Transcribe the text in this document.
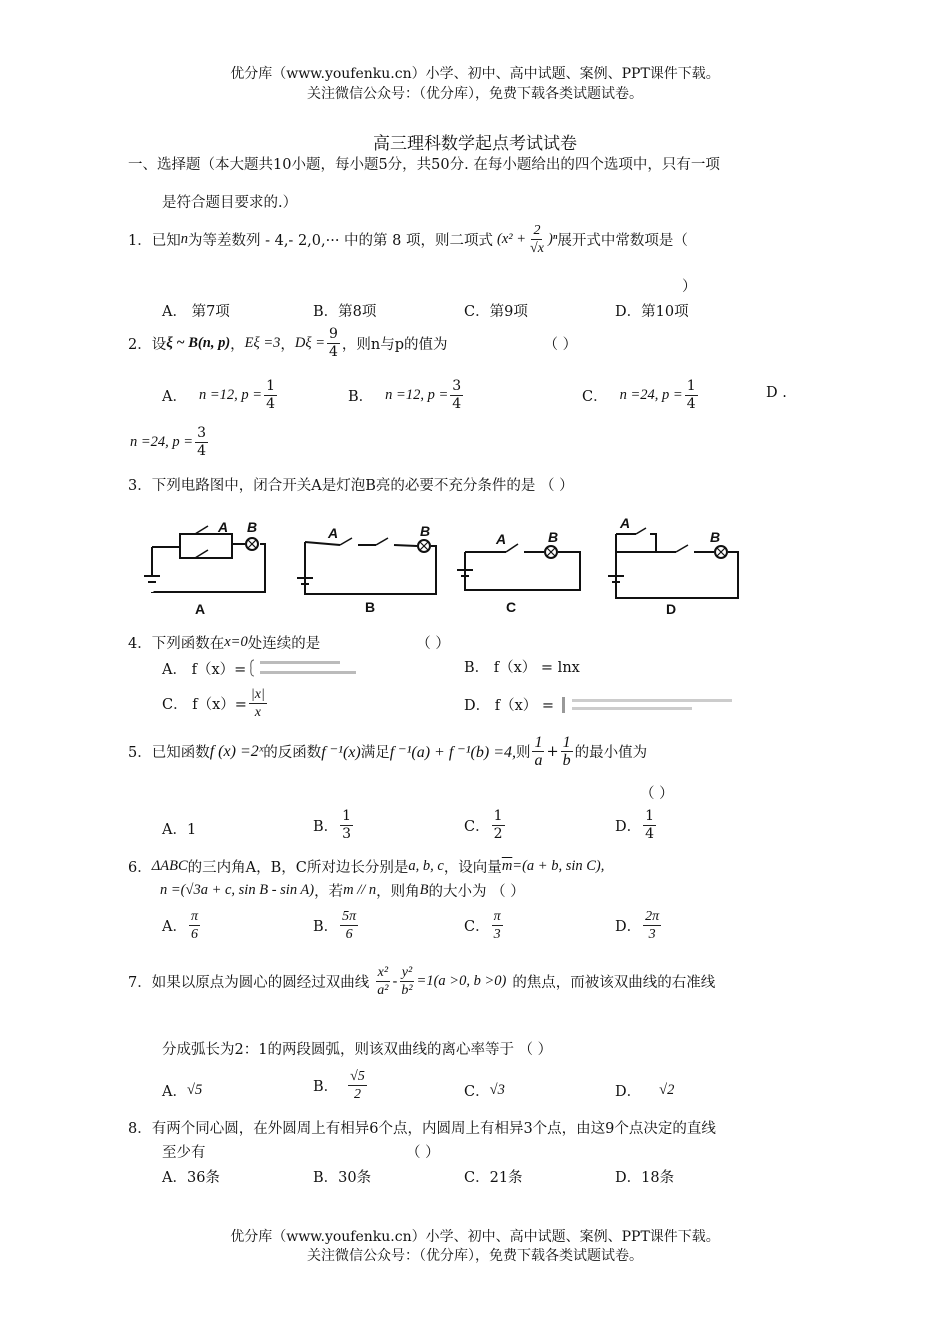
优分库（www.youfenku.cn）小学、初中、高中试题、案例、PPT课件下载。
关注微信公众号：（优分库），免费下载各类试题试卷。
高三理科数学起点考试试卷
一、选择题（本大题共10小题，每小题5分，共50分. 在每小题给出的四个选项中，只有一项
是符合题目要求的.）
1．已知 n 为等差数列 - 4,- 2,0,··· 中的第 8 项，则二项式 $(x^2 + \frac{2}{√x} )^n$ 展开式中常数项是（
）
A． 第7项	B．第8项	C．第9项	D．第10项
2．设 ξ ~ B(n, p) ， Eξ =3 ， $D\xi = \frac{9}{4}$ ，则n与p的值为	（ ）
A． n =12, $p = \frac{1}{4}$	B． n =12, $p = \frac{3}{4}$	C． n =24, $p = \frac{1}{4}$	D .
n =24, $p = \frac{3}{4}$
3．下列电路图中，闭合开关A是灯泡B亮的必要不充分条件的是 （ ）
A B	A	B	A	B
A
B
A	B	C	D
4．下列函数在 x=0 处连续的是	（ ）
A． f（x）=	B． f（x） = lnx
C． $f(x)= \frac{|x|}{x}$	D． f（x） =
5．已知函数 f (x) =2ˣ 的反函数 f ⁻¹(x) 满足 f ⁻¹(a) + f ⁻¹(b) =4, 则 $\frac{1}{a} + \frac{1}{b}$ 的最小值为
（ ）
A．1	B． $\frac{1}{3}$	C． $\frac{1}{2}$	D． $\frac{1}{4}$
6． ΔABC 的三内角A，B，C所对边长分别是 a, b, c ，设向量 $\overline{m} =(a + b$, sin C),
n =(√3a + c, sin B - sin A) ，若 m // n ，则角 B 的大小为 （ ）
A． $\frac{\pi}{6}$	B． $\frac{5\pi}{6}$	C． $\frac{\pi}{3}$	D． $\frac{2\pi}{3}$
7．如果以原点为圆心的圆经过双曲线 $\frac{\text{x²}}{\text{a²}} - \frac{\text{y²}}{\text{b²}} =1(a >0$, b >0) 的焦点，而被该双曲线的右准线
分成弧长为2：1的两段圆弧，则该双曲线的离心率等于 （ ）
A． √5	B． $\frac{√5}{2}$	C． √3	D． √2
8．有两个同心圆，在外圆周上有相异6个点，内圆周上有相异3个点，由这9个点决定的直线
至少有	（ ）
A．36条	B．30条	C．21条	D．18条
优分库（www.youfenku.cn）小学、初中、高中试题、案例、PPT课件下载。
关注微信公众号：（优分库），免费下载各类试题试卷。
